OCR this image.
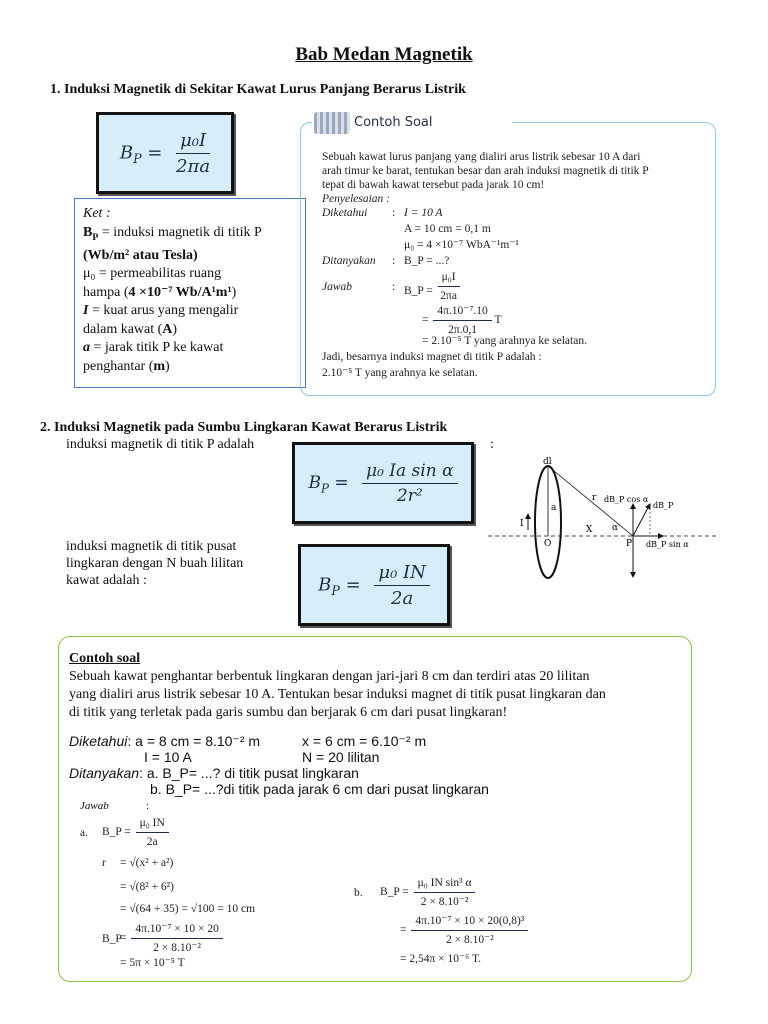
Bab Medan Magnetik
1. Induksi Magnetik di Sekitar Kawat Lurus Panjang Berarus Listrik
$B_P = \frac{\text{μ₀I}}{2\pi a}$
Ket :
$B_P$ = induksi magnetik di titik P
(Wb/m² atau Tesla)
μ₀ = permeabilitas ruang
hampa (4 ×10⁻⁷ Wb/A¹m¹)
I = kuat arus yang mengalir
dalam kawat (A)
a = jarak titik P ke kawat
penghantar (m)
Contoh Soal
Sebuah kawat lurus panjang yang dialiri arus listrik sebesar 10 A dari
arah timur ke barat, tentukan besar dan arah induksi magnetik di titik P
tepat di bawah kawat tersebut pada jarak 10 cm!
Penyelesaian :
Diketahui : I = 10 A
A = 10 cm = 0,1 m
μ₀ = 4 ×10⁻⁷ WbA⁻¹m⁻¹
Ditanyakan : B_P = ...?
Jawab	: B_P = $\frac{\text{μ₀I}}{2\pi a}$
= $\frac{\text{4π.10⁻⁷.10}}{2\pi.0,1}$ T
= 2.10⁻⁵ T yang arahnya ke selatan.
Jadi, besarnya induksi magnet di titik P adalah :
2.10⁻⁵ T yang arahnya ke selatan.
2. Induksi Magnetik pada Sumbu Lingkaran Kawat Berarus Listrik
induksi magnetik di titik P adalah	:
$B_P = \frac{\text{μ₀ Ia sin α}}{\text{2r²}}$
induksi magnetik di titik pusat
lingkaran dengan N buah lilitan
kawat adalah :	$B_P = \frac{\text{μ₀ IN}}{2a}$
dl
r dB_P cos α
dB_P
a
I
X α
O	P dB_P sin α
Contoh soal
Sebuah kawat penghantar berbentuk lingkaran dengan jari-jari 8 cm dan terdiri atas 20 lilitan
yang dialiri arus listrik sebesar 10 A. Tentukan besar induksi magnet di titik pusat lingkaran dan
di titik yang terletak pada garis sumbu dan berjarak 6 cm dari pusat lingkaran!
Diketahui: a = 8 cm = 8.10⁻² m	x = 6 cm = 6.10⁻² m
I = 10 A	N = 20 lilitan
Ditanyakan: a. B_P= ...? di titik pusat lingkaran
b. B_P= ...?di titik pada jarak 6 cm dari pusat lingkaran
Jawab	:
a. B_P = $\frac{\text{μ₀ IN}}{2a}$
r = √(x² + a²)
= √(8² + 6²)
= √(64 + 35) = √100 = 10 cm
B_P
= $\frac{\text{4π.10⁻⁷ × 10 × 20}}{\text{2 × 8.10⁻²}}$
= 5π × 10⁻⁵ T
b. B_P = $\frac{\text{μ₀ IN sin³ α}}{\text{2 × 8.10⁻²}}$
= $\frac{\text{4π.10⁻⁷ × 10 × 20(0,8)³}}{\text{2 × 8.10⁻²}}$
= 2,54π × 10⁻⁶ T.
